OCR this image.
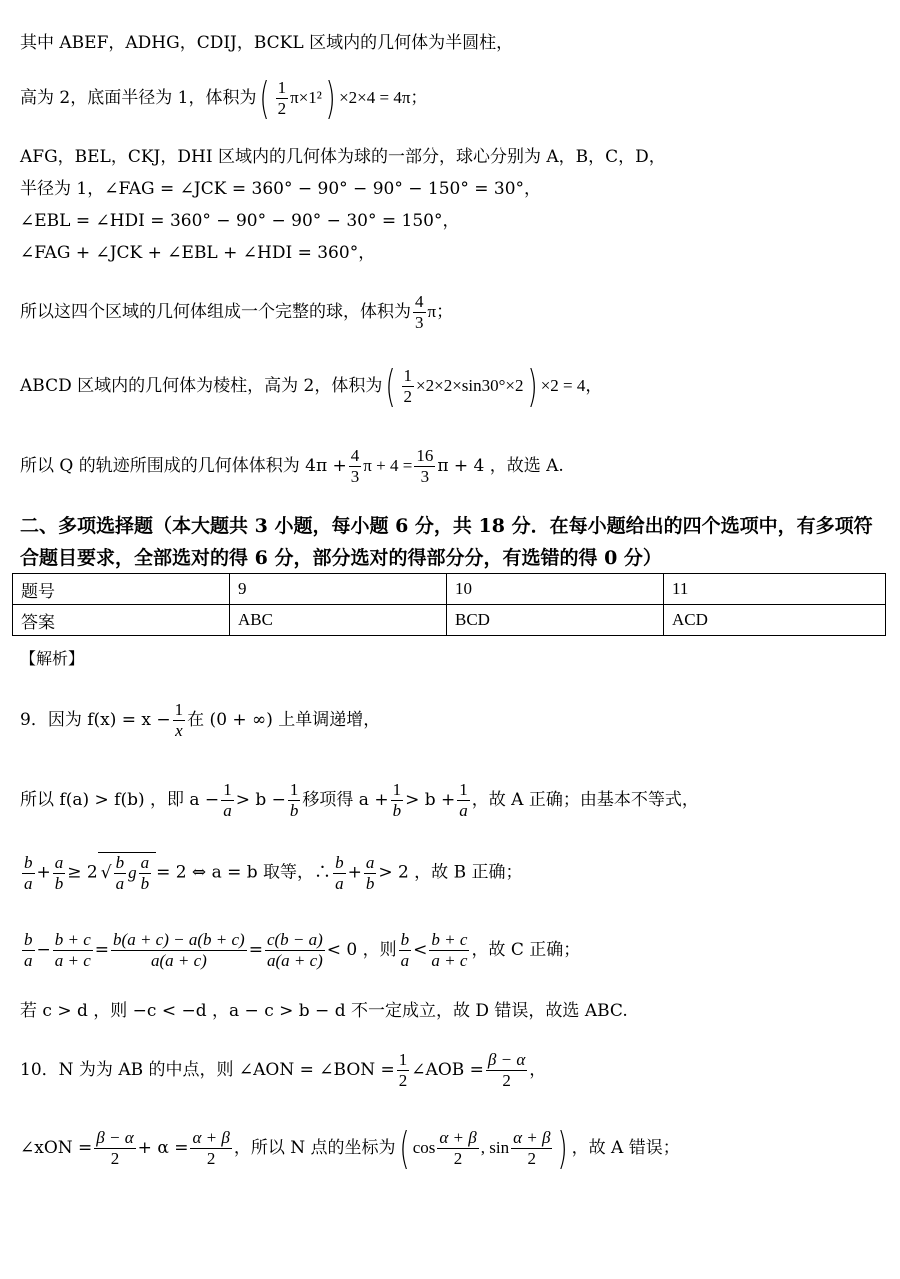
其中 ABEF，ADHG，CDIJ，BCKL 区域内的几何体为半圆柱，
高为 2，底面半径为 1，体积为( $\frac{1}{2} \pi\times 1^2) \times 2\times 4 = 4\pi$；
AFG，BEL，CKJ，DHI 区域内的几何体为球的一部分，球心分别为 A，B，C，D，
半径为 1，∠FAG = ∠JCK = 360° − 90° − 90° − 150° = 30°，
∠EBL = ∠HDI = 360° − 90° − 90° − 30° = 150°，
∠FAG + ∠JCK + ∠EBL + ∠HDI = 360°，
所以这四个区域的几何体组成一个完整的球，体积为 $\frac{4}{3}$ π；
ABCD 区域内的几何体为棱柱，高为 2，体积为( $\frac{1}{2} \times 2\times 2\times\sin 30^\circ\times 2) \times 2 = 4$，
所以 Q 的轨迹所围成的几何体体积为 $4\pi + \frac{4}{3}$ $\pi + 4 = \frac{16}{3}$ π + 4 ，故选 A.
二、多项选择题（本大题共 3 小题，每小题 6 分，共 18 分．在每小题给出的四个选项中，有多项符合题目要求，全部选对的得 6 分，部分选对的得部分分，有选错的得 0 分）
题号	9	10	11
答案	ABC	BCD	ACD
【解析】
9．因为 $f(x) = x - \frac{1}{x}$ 在 (0 + ∞) 上单调递增，
所以 f(a) > f(b) ，即 $a - \frac{1}{a} > b - \frac{1}{b}$ 移项得 $a + \frac{1}{b} > b + \frac{1}{a}$ ，故 A 正确；由基本不等式，
$\frac{b}{a} + \frac{a}{b} \ge 2$ √ $\frac{b}{a}$ g $\frac{a}{b} = 2$ ⇔ a = b 取等，∴ $\frac{b}{a} + \frac{a}{b} > 2$ ，故 B 正确；
$\frac{b}{a} - \frac{b + c}{a + c} = \frac{b(a + c) - a(b + c)}{a(a + c)} = \frac{c(b - a)}{a(a + c)} < 0$ ，则 $\frac{b}{a} < \frac{b + c}{a + c}$ ，故 C 正确；
若 c > d ，则 −c < −d ，a − c > b − d 不一定成立，故 D 错误，故选 ABC.
10．N 为为 AB 的中点，则 ∠AON = ∠BON = $\frac{1}{2}$ ∠AOB = $\frac{\beta - \alpha}{2}$ ，
∠xON = $\frac{\beta - \alpha}{2} + \alpha = \frac{\alpha + \beta}{2}$ ，所以 N 点的坐标为( $\cos \frac{\alpha + \beta}{2}$ , $\sin \frac{\alpha + \beta}{2}$ ) ，故 A 错误；
